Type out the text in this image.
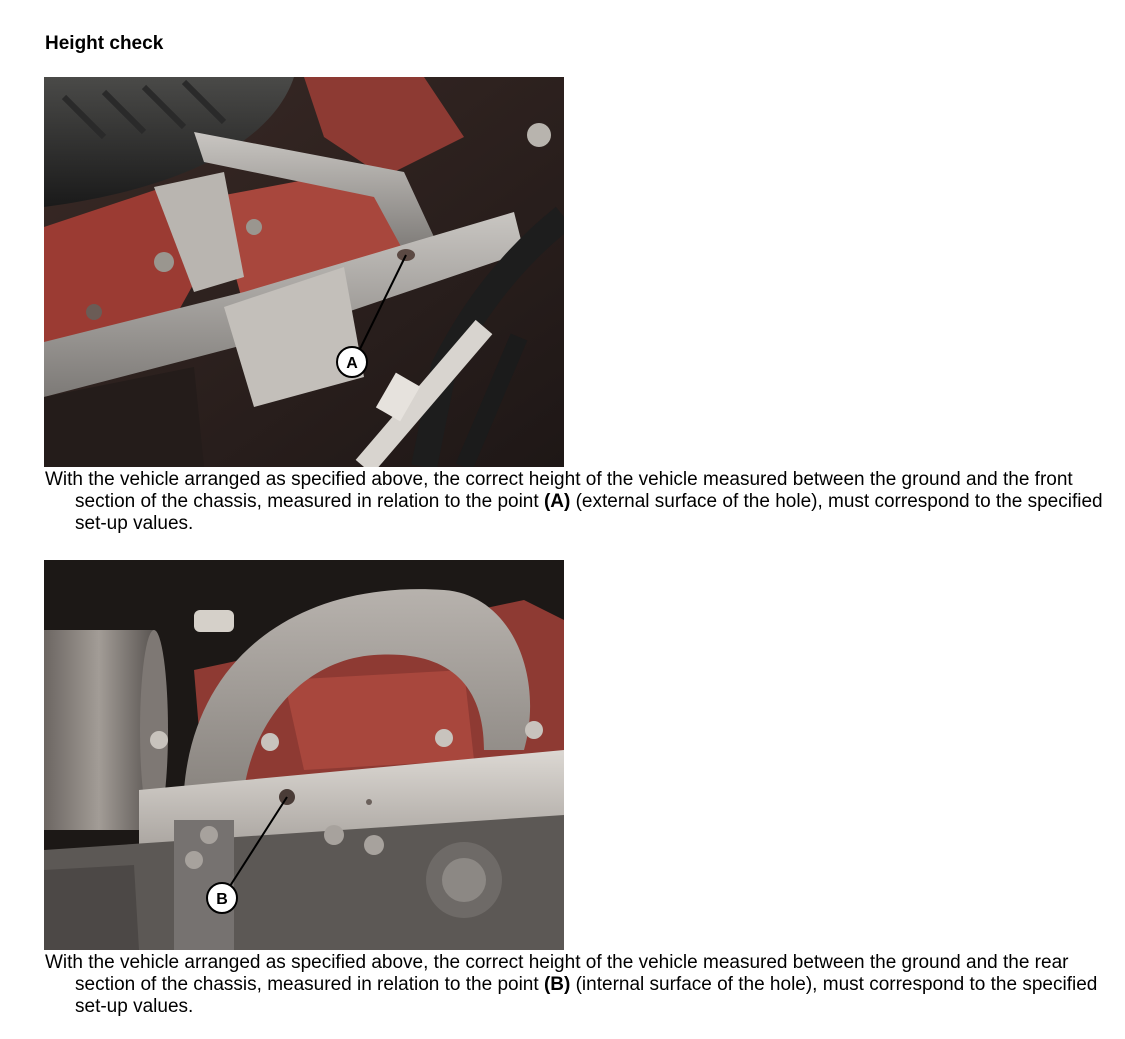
Height check
A
With the vehicle arranged as specified above, the correct height of the vehicle measured between the ground and the front section of the chassis, measured in relation to the point (A) (external surface of the hole), must correspond to the specified set-up values.
B
With the vehicle arranged as specified above, the correct height of the vehicle measured between the ground and the rear section of the chassis, measured in relation to the point (B) (internal surface of the hole), must correspond to the specified set-up values.
